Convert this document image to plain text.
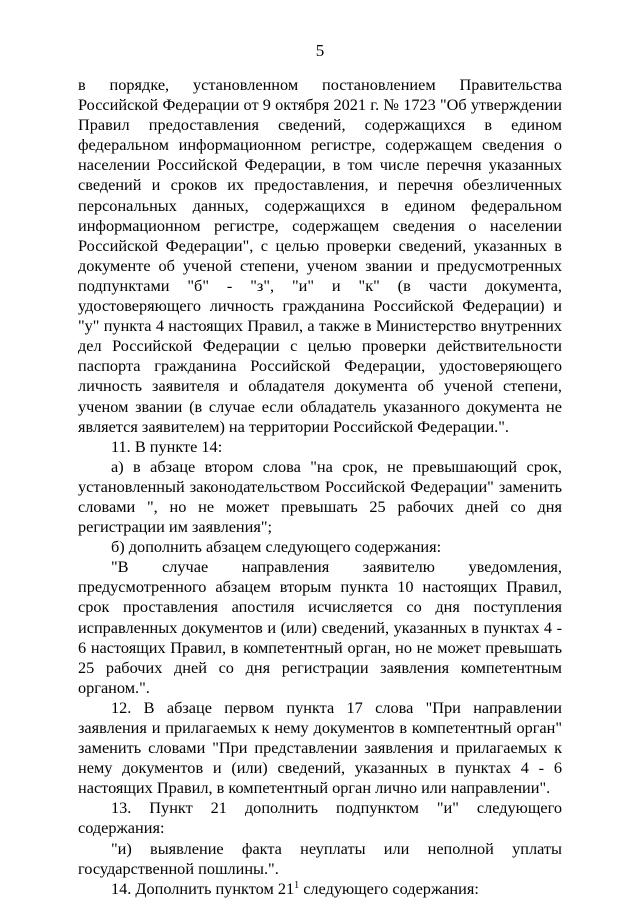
5

в порядке, установленном постановлением Правительства Российской Федерации от 9 октября 2021 г. № 1723 "Об утверждении Правил предоставления сведений, содержащихся в едином федеральном информационном регистре, содержащем сведения о населении Российской Федерации, в том числе перечня указанных сведений и сроков их предоставления, и перечня обезличенных персональных данных, содержащихся в едином федеральном информационном регистре, содержащем сведения о населении Российской Федерации", с целью проверки сведений, указанных в документе об ученой степени, ученом звании и предусмотренных подпунктами "б" - "з", "и" и "к" (в части документа, удостоверяющего личность гражданина Российской Федерации) и "у" пункта 4 настоящих Правил, а также в Министерство внутренних дел Российской Федерации с целью проверки действительности паспорта гражданина Российской Федерации, удостоверяющего личность заявителя и обладателя документа об ученой степени, ученом звании (в случае если обладатель указанного документа не является заявителем) на территории Российской Федерации.".

11. В пункте 14:

а) в абзаце втором слова "на срок, не превышающий срок, установленный законодательством Российской Федерации" заменить словами ", но не может превышать 25 рабочих дней со дня регистрации им заявления";

б) дополнить абзацем следующего содержания:

"В случае направления заявителю уведомления, предусмотренного абзацем вторым пункта 10 настоящих Правил, срок проставления апостиля исчисляется со дня поступления исправленных документов и (или) сведений, указанных в пунктах 4 - 6 настоящих Правил, в компетентный орган, но не может превышать 25 рабочих дней со дня регистрации заявления компетентным органом.".

12. В абзаце первом пункта 17 слова "При направлении заявления и прилагаемых к нему документов в компетентный орган" заменить словами "При представлении заявления и прилагаемых к нему документов и (или) сведений, указанных в пунктах 4 - 6 настоящих Правил, в компетентный орган лично или направлении".

13. Пункт 21 дополнить подпунктом "и" следующего содержания:

"и) выявление факта неуплаты или неполной уплаты государственной пошлины.".

14. Дополнить пунктом $21^1$ следующего содержания:
